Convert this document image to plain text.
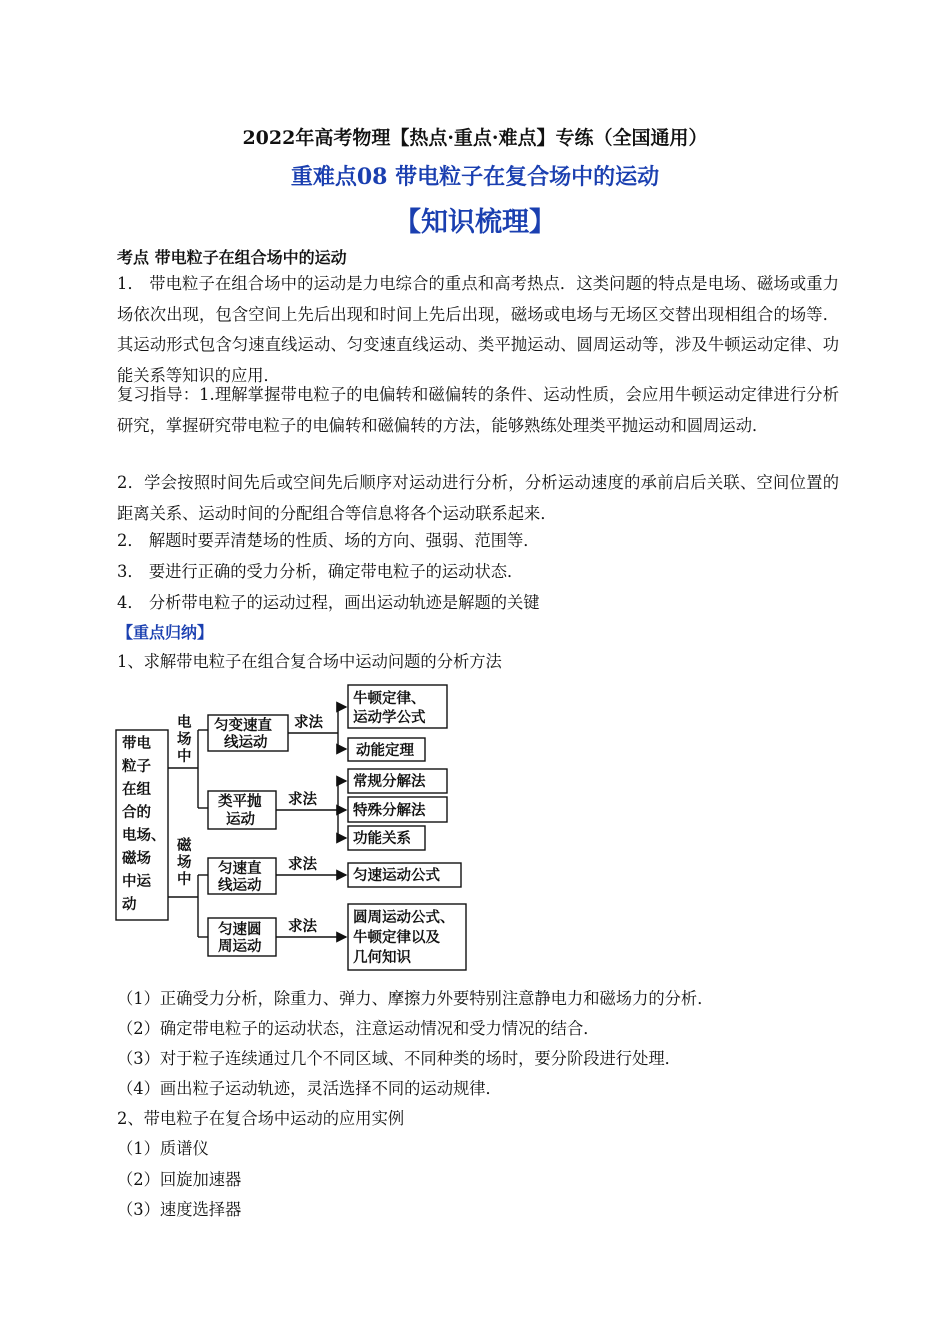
2022年高考物理【热点·重点·难点】专练（全国通用）
重难点08 带电粒子在复合场中的运动
【知识梳理】
考点 带电粒子在组合场中的运动
1． 带电粒子在组合场中的运动是力电综合的重点和高考热点．这类问题的特点是电场、磁场或重力场依次出现，包含空间上先后出现和时间上先后出现，磁场或电场与无场区交替出现相组合的场等．其运动形式包含匀速直线运动、匀变速直线运动、类平抛运动、圆周运动等，涉及牛顿运动定律、功能关系等知识的应用．
复习指导：1.理解掌握带电粒子的电偏转和磁偏转的条件、运动性质，会应用牛顿运动定律进行分析研究，掌握研究带电粒子的电偏转和磁偏转的方法，能够熟练处理类平抛运动和圆周运动．
2．学会按照时间先后或空间先后顺序对运动进行分析，分析运动速度的承前启后关联、空间位置的距离关系、运动时间的分配组合等信息将各个运动联系起来．
2． 解题时要弄清楚场的性质、场的方向、强弱、范围等．
3． 要进行正确的受力分析，确定带电粒子的运动状态．
4． 分析带电粒子的运动过程，画出运动轨迹是解题的关键
【重点归纳】
1、求解带电粒子在组合复合场中运动问题的分析方法
带电
粒子
在组
合的
电场、
磁场
中运
动
电
场
中
磁
场
中
匀变速直
线运动
类平抛
运动
匀速直
线运动
匀速圆
周运动
求法
求法
求法
求法
牛顿定律、
运动学公式
动能定理
常规分解法
特殊分解法
功能关系
匀速运动公式
圆周运动公式、
牛顿定律以及
几何知识
（1）正确受力分析，除重力、弹力、摩擦力外要特别注意静电力和磁场力的分析．
（2）确定带电粒子的运动状态，注意运动情况和受力情况的结合．
（3）对于粒子连续通过几个不同区域、不同种类的场时，要分阶段进行处理．
（4）画出粒子运动轨迹，灵活选择不同的运动规律．
2、带电粒子在复合场中运动的应用实例
（1）质谱仪
（2）回旋加速器
（3）速度选择器
